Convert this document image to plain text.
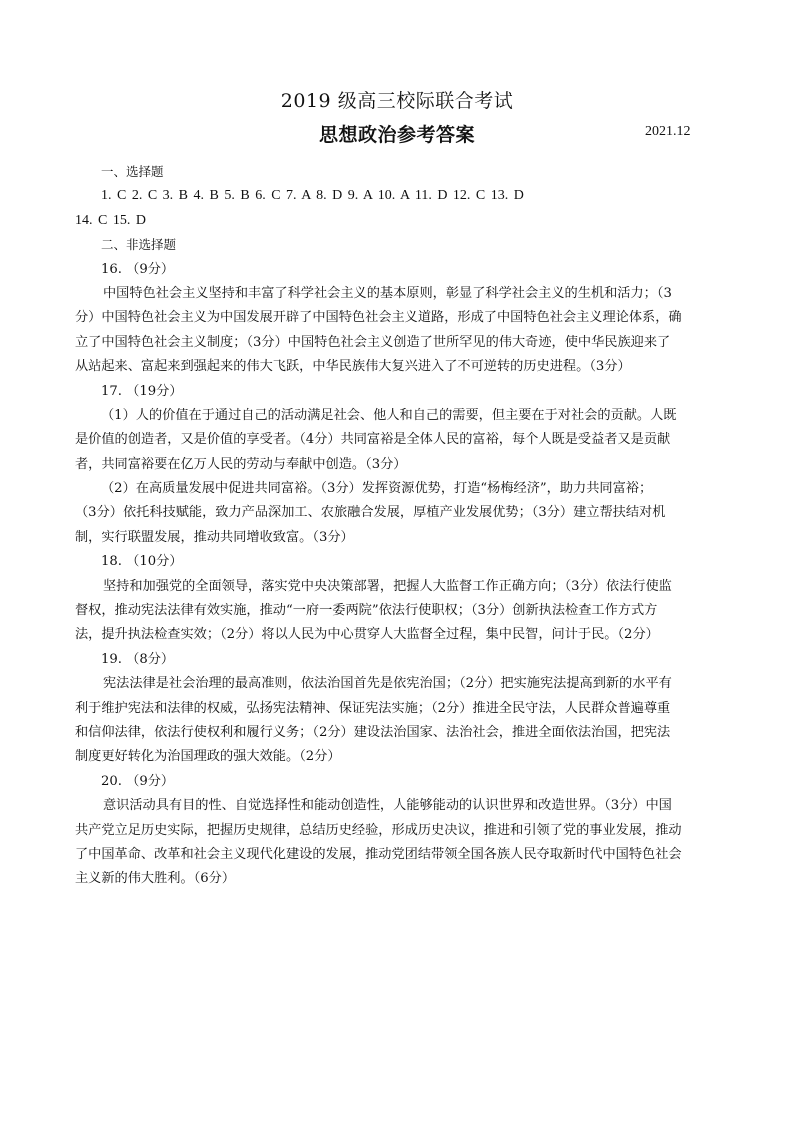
2019 级高三校际联合考试
思想政治参考答案	2021.12
一、选择题
1. C 2. C 3. B 4. B 5. B 6. C 7. A 8. D 9. A 10. A 11. D 12. C 13. D
14. C 15. D
二、非选择题
16. （9分）
中国特色社会主义坚持和丰富了科学社会主义的基本原则，彰显了科学社会主义的生机和活力；（3
分）中国特色社会主义为中国发展开辟了中国特色社会主义道路，形成了中国特色社会主义理论体系，确
立了中国特色社会主义制度；（3分）中国特色社会主义创造了世所罕见的伟大奇迹，使中华民族迎来了
从站起来、富起来到强起来的伟大飞跃，中华民族伟大复兴进入了不可逆转的历史进程。（3分）
17. （19分）
（1）人的价值在于通过自己的活动满足社会、他人和自己的需要，但主要在于对社会的贡献。人既
是价值的创造者，又是价值的享受者。（4分）共同富裕是全体人民的富裕，每个人既是受益者又是贡献
者，共同富裕要在亿万人民的劳动与奉献中创造。（3分）
（2）在高质量发展中促进共同富裕。（3分）发挥资源优势，打造“杨梅经济”，助力共同富裕；
（3分）依托科技赋能，致力产品深加工、农旅融合发展，厚植产业发展优势；（3分）建立帮扶结对机
制，实行联盟发展，推动共同增收致富。（3分）
18. （10分）
坚持和加强党的全面领导，落实党中央决策部署，把握人大监督工作正确方向；（3分）依法行使监
督权，推动宪法法律有效实施，推动“一府一委两院”依法行使职权；（3分）创新执法检查工作方式方
法，提升执法检查实效；（2分）将以人民为中心贯穿人大监督全过程，集中民智，问计于民。（2分）
19. （8分）
宪法法律是社会治理的最高准则，依法治国首先是依宪治国；（2分）把实施宪法提高到新的水平有
利于维护宪法和法律的权威，弘扬宪法精神、保证宪法实施；（2分）推进全民守法，人民群众普遍尊重
和信仰法律，依法行使权利和履行义务；（2分）建设法治国家、法治社会，推进全面依法治国，把宪法
制度更好转化为治国理政的强大效能。（2分）
20. （9分）
意识活动具有目的性、自觉选择性和能动创造性，人能够能动的认识世界和改造世界。（3分）中国
共产党立足历史实际，把握历史规律，总结历史经验，形成历史决议，推进和引领了党的事业发展，推动
了中国革命、改革和社会主义现代化建设的发展，推动党团结带领全国各族人民夺取新时代中国特色社会
主义新的伟大胜利。（6分）
